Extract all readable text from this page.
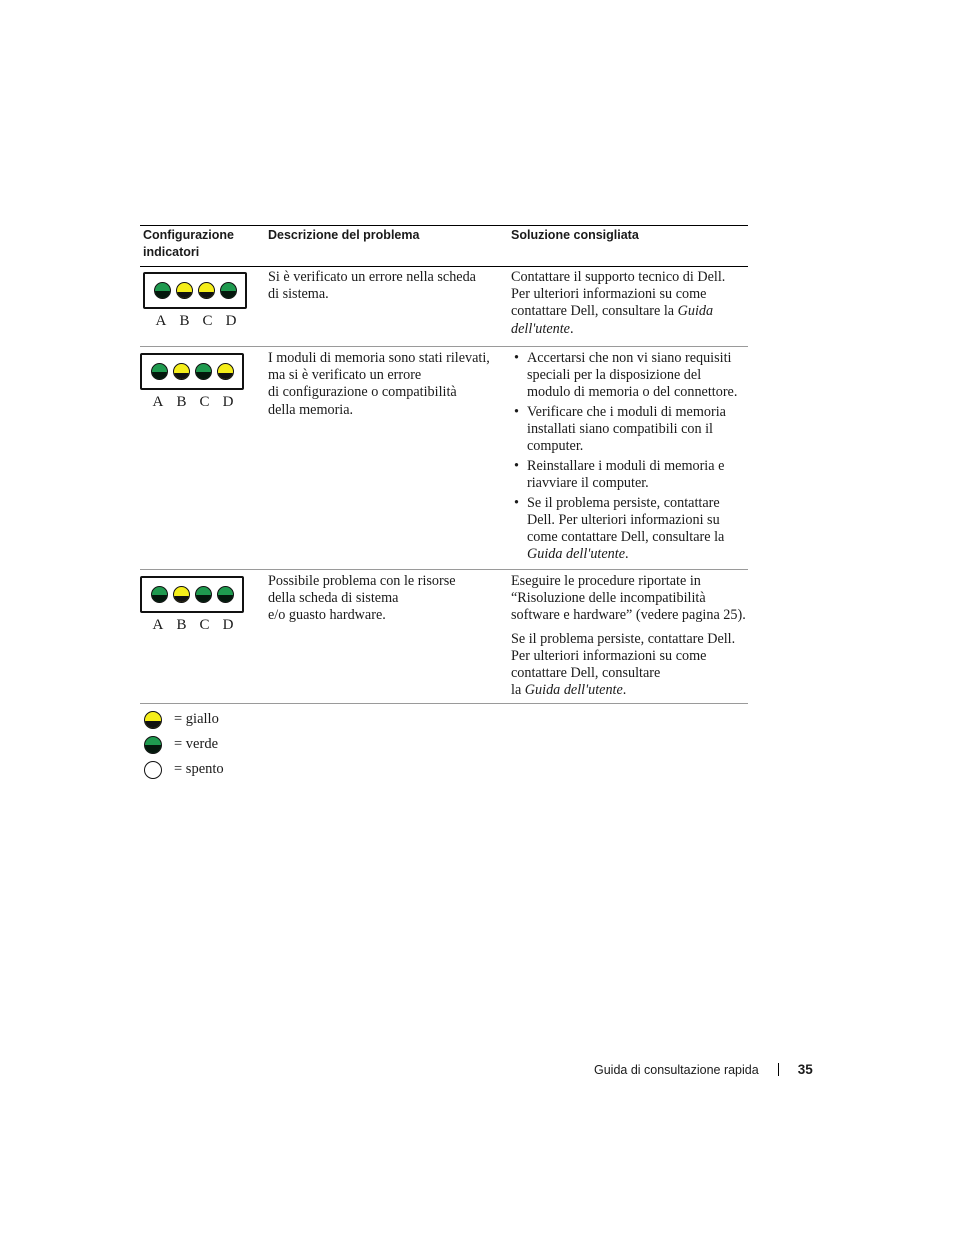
Configurazione
indicatori
Descrizione del problema	Soluzione consigliata
A B C D

Si è verificato un errore nella scheda

di sistema.

Contattare il supporto tecnico di Dell.

Per ulteriori informazioni su come

contattare Dell, consultare la Guida dell'utente.

A B C D

I moduli di memoria sono stati rilevati,

ma si è verificato un errore

di configurazione o compatibilità

della memoria.

• Accertarsi che non vi siano requisiti speciali per la disposizione del modulo di memoria o del connettore.
• Verificare che i moduli di memoria installati siano compatibili con il computer.
• Reinstallare i moduli di memoria e riavviare il computer.
• Se il problema persiste, contattare Dell. Per ulteriori informazioni su come contattare Dell, consultare la Guida dell'utente.
A B C D

Possibile problema con le risorse

della scheda di sistema

e/o guasto hardware.

Eseguire le procedure riportate in

“Risoluzione delle incompatibilità

software e hardware” (vedere pagina 25).

Se il problema persiste, contattare Dell.

Per ulteriori informazioni su come

contattare Dell, consultare

la Guida dell'utente.

= giallo
= verde
= spento
Guida di consultazione rapida	35
